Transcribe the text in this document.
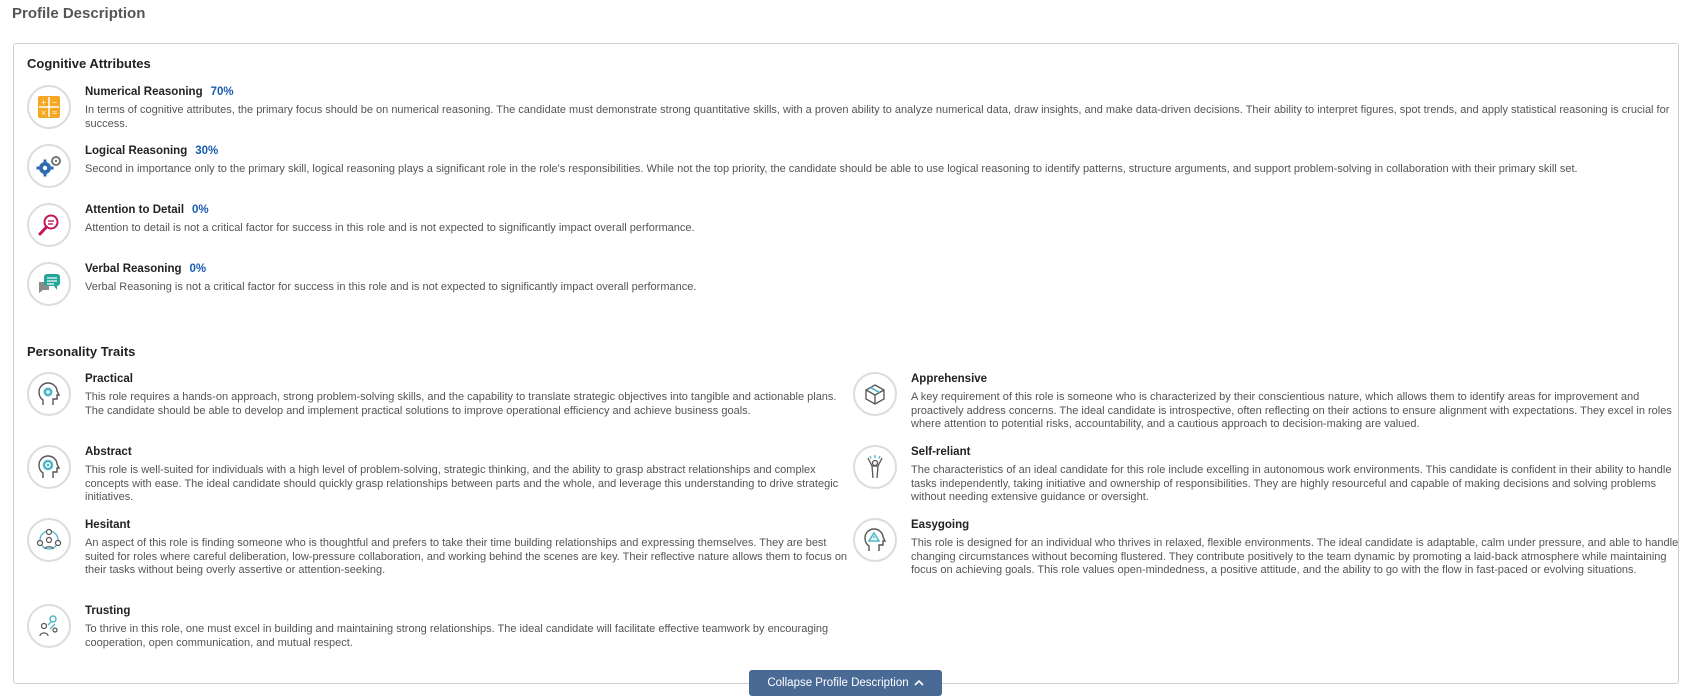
Profile Description
Cognitive Attributes
+ −
× =
Numerical Reasoning 70%
In terms of cognitive attributes, the primary focus should be on numerical reasoning. The candidate must demonstrate strong quantitative skills, with a proven ability to analyze numerical data, draw insights, and make data-driven decisions. Their ability to interpret figures, spot trends, and apply statistical reasoning is crucial for success.
Logical Reasoning 30%
Second in importance only to the primary skill, logical reasoning plays a significant role in the role's responsibilities. While not the top priority, the candidate should be able to use logical reasoning to identify patterns, structure arguments, and support problem-solving in collaboration with their primary skill set.
Attention to Detail 0%
Attention to detail is not a critical factor for success in this role and is not expected to significantly impact overall performance.
Verbal Reasoning 0%
Verbal Reasoning is not a critical factor for success in this role and is not expected to significantly impact overall performance.
Personality Traits
Practical
This role requires a hands-on approach, strong problem-solving skills, and the capability to translate strategic objectives into tangible and actionable plans. The candidate should be able to develop and implement practical solutions to improve operational efficiency and achieve business goals.
Apprehensive
A key requirement of this role is someone who is characterized by their conscientious nature, which allows them to identify areas for improvement and proactively address concerns. The ideal candidate is introspective, often reflecting on their actions to ensure alignment with expectations. They excel in roles where attention to potential risks, accountability, and a cautious approach to decision-making are valued.
Abstract
This role is well-suited for individuals with a high level of problem-solving, strategic thinking, and the ability to grasp abstract relationships and complex concepts with ease. The ideal candidate should quickly grasp relationships between parts and the whole, and leverage this understanding to drive strategic initiatives.
Self-reliant
The characteristics of an ideal candidate for this role include excelling in autonomous work environments. This candidate is confident in their ability to handle tasks independently, taking initiative and ownership of responsibilities. They are highly resourceful and capable of making decisions and solving problems without needing extensive guidance or oversight.
Hesitant
An aspect of this role is finding someone who is thoughtful and prefers to take their time building relationships and expressing themselves. They are best suited for roles where careful deliberation, low-pressure collaboration, and working behind the scenes are key. Their reflective nature allows them to focus on their tasks without being overly assertive or attention-seeking.
Easygoing
This role is designed for an individual who thrives in relaxed, flexible environments. The ideal candidate is adaptable, calm under pressure, and able to handle changing circumstances without becoming flustered. They contribute positively to the team dynamic by promoting a laid-back atmosphere while maintaining focus on achieving goals. This role values open-mindedness, a positive attitude, and the ability to go with the flow in fast-paced or evolving situations.
Trusting
To thrive in this role, one must excel in building and maintaining strong relationships. The ideal candidate will facilitate effective teamwork by encouraging cooperation, open communication, and mutual respect.
Collapse Profile Description
